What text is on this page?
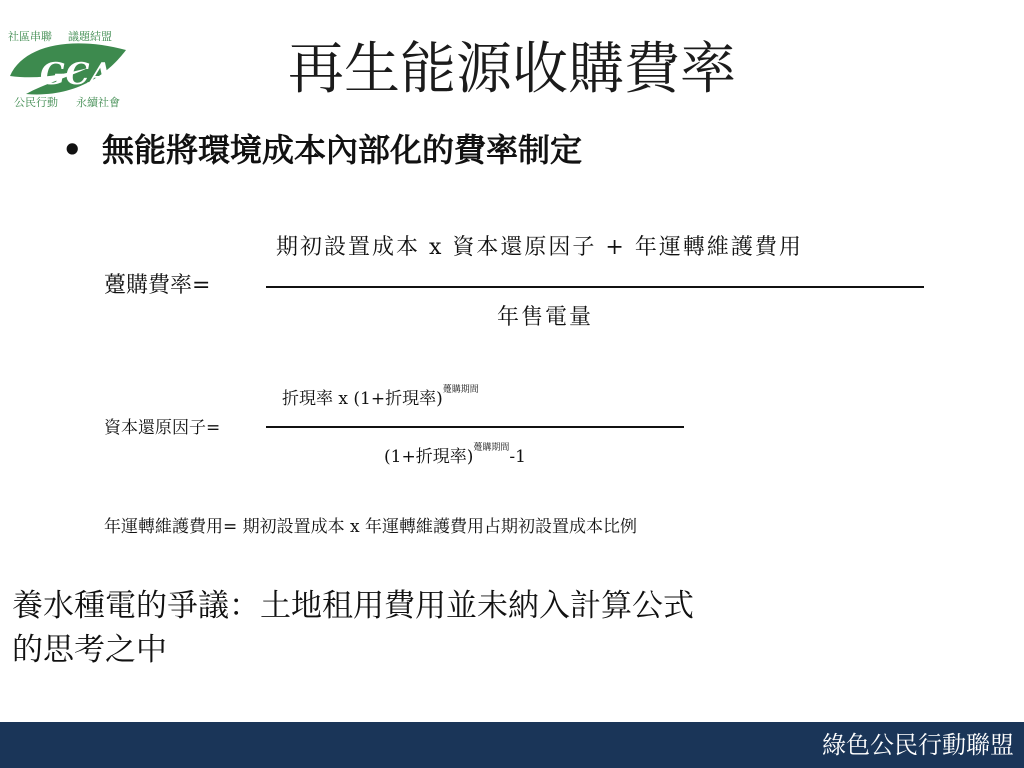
GCAA
社區串聯 議題結盟
公民行動 永續社會
再生能源收購費率
• 無能將環境成本內部化的費率制定
躉購費率=
期初設置成本 x 資本還原因子 + 年運轉維護費用
年售電量
資本還原因子=
折現率 x (1+折現率)$^{躉購期間}$
(1+折現率)$^{躉購期間}$-1
年運轉維護費用= 期初設置成本 x 年運轉維護費用占期初設置成本比例
養水種電的爭議：土地租用費用並未納入計算公式
的思考之中
綠色公民行動聯盟
